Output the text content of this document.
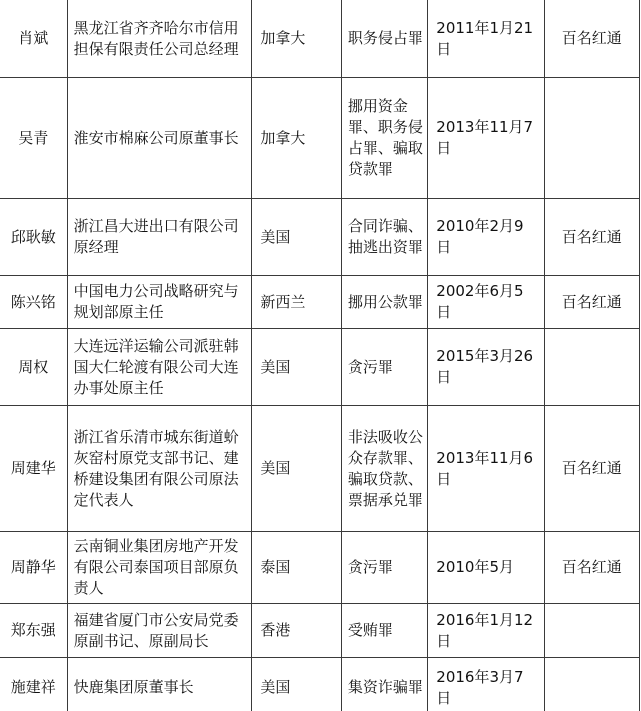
肖斌	黑龙江省齐齐哈尔市信用担保有限责任公司总经理	加拿大	职务侵占罪	2011年1月21日	百名红通
吴青	淮安市棉麻公司原董事长	加拿大	挪用资金罪、职务侵占罪、骗取贷款罪	2013年11月7日	
邱耿敏	浙江昌大进出口有限公司原经理	美国	合同诈骗、抽逃出资罪	2010年2月9日	百名红通
陈兴铭	中国电力公司战略研究与规划部原主任	新西兰	挪用公款罪	2002年6月5日	百名红通
周权	大连远洋运输公司派驻韩国大仁轮渡有限公司大连办事处原主任	美国	贪污罪	2015年3月26日	
周建华	浙江省乐清市城东街道蚧灰窑村原党支部书记、建桥建设集团有限公司原法定代表人	美国	非法吸收公众存款罪、骗取贷款、票据承兑罪	2013年11月6日	百名红通
周静华	云南铜业集团房地产开发有限公司泰国项目部原负责人	泰国	贪污罪	2010年5月	百名红通
郑东强	福建省厦门市公安局党委原副书记、原副局长	香港	受贿罪	2016年1月12日	
施建祥	快鹿集团原董事长	美国	集资诈骗罪	2016年3月7日	
